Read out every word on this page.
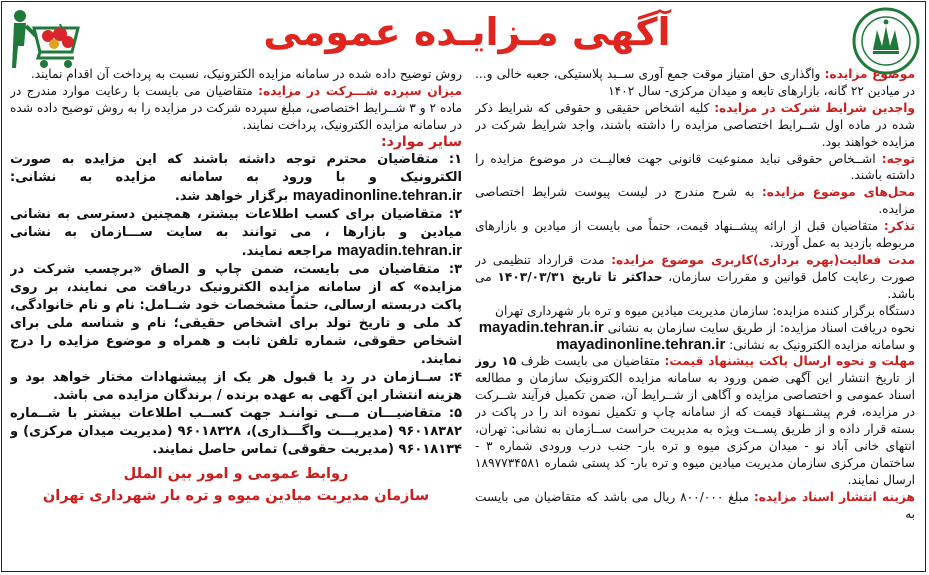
آگهی مـزایـده عمومی

موضوع مزایده: واگذاری حق امتیاز موقت جمع آوری ســبد پلاستیکی، جعبه خالی و... در میادین ۲۲ گانه، بازارهای تابعه و میدان مرکزی- سال ۱۴۰۲

واجدین شرایط شرکت در مزایده: کلیه اشخاص حقیقی و حقوقی که شرایط ذکر شده در ماده اول شــرایط اختصاصی مزایده را داشته باشند، واجد شرایط شرکت در مزایده خواهند بود.

توجه: اشــخاص حقوقی نباید ممنوعیت قانونی جهت فعالیــت در موضوع مزایده را داشته باشند.

محل‌های موضوع مزایده: به شرح مندرج در لیست پیوست شرایط اختصاصی مزایده.

تذکر: متقاضیان قبل از ارائه پیشــنهاد قیمت، حتماً می بایست از میادین و بازارهای مربوطه بازدید به عمل آورند.

مدت فعالیت(بهره برداری)کاربری موضوع مزایده: مدت قرارداد تنظیمی در صورت رعایت کامل قوانین و مقررات سازمان، حداکثر تا تاریخ ۱۴۰۳/۰۳/۳۱ می باشد.

دستگاه برگزار کننده مزایده: سازمان مدیریت میادین میوه و تره بار شهرداری تهران

نحوه دریافت اسناد مزایده: از طریق سایت سازمان به نشانی mayadin.tehran.ir

و سامانه مزایده الکترونیک به نشانی: mayadinonline.tehran.ir

مهلت و نحوه ارسال پاکت پیشنهاد قیمت: متقاضیان می بایست ظرف ۱۵ روز از تاریخ انتشار این آگهی ضمن ورود به سامانه مزایده الکترونیک سازمان و مطالعه اسناد عمومی و اختصاصی مزایده و آگاهی از شــرایط آن، ضمن تکمیل فرآیند شــرکت در مزایده، فرم پیشــنهاد قیمت که از سامانه چاپ و تکمیل نموده اند را در پاکت در بسته قرار داده و از طریق پســت ویژه به مدیریت حراست ســازمان به نشانی: تهران، انتهای خانی آباد نو - میدان مرکزی میوه و تره بار- جنب درب ورودی شماره ۳ - ساختمان مرکزی سازمان مدیریت میادین میوه و تره بار- کد پستی شماره ۱۸۹۷۷۳۴۵۸۱ ارسال نمایند.

هزینه انتشار اسناد مزایده: مبلغ ۸۰۰/۰۰۰ ریال می باشد که متقاضیان می بایست به

روش توضیح داده شده در سامانه مزایده الکترونیک، نسبت به پرداخت آن اقدام نمایند.

میزان سپرده شـــرکت در مزایده: متقاضیان می بایست با رعایت موارد مندرج در ماده ۲ و ۳ شــرایط اختصاصی، مبلغ سپرده شرکت در مزایده را به روش توضیح داده شده در سامانه مزایده الکترونیک، پرداخت نمایند.

سایر موارد:

۱: متقاضیان محترم توجه داشته باشند که این مزایده به صورت الکترونیک و با ورود به سامانه مزایده به نشانی: mayadinonline.tehran.ir برگزار خواهد شد.

۲: متقاضیان برای کسب اطلاعات بیشتر، همچنین دسترسی به نشانی میادین و بازارها ، می توانند به سایت ســـازمان به نشانی mayadin.tehran.ir مراجعه نمایند.

۳: متقاضیان می بایست، ضمن چاپ و الصاق «برچسب شرکت در مزایده» که از سامانه مزایده الکترونیک دریافت می نمایند، بر روی پاکت دربسته ارسالی، حتماً مشخصات خود شــامل: نام و نام خانوادگی، کد ملی و تاریخ تولد برای اشخاص حقیقی؛ نام و شناسه ملی برای اشخاص حقوقی، شماره تلفن ثابت و همراه و موضوع مزایده را درج نمایند.

۴: ســازمان در رد یا قبول هر یک از پیشنهادات مختار خواهد بود و هزینه انتشار این آگهی به عهده برنده / برندگان مزایده می باشد.

۵: متقاضیـــان مـــی تواننـد جهت کســب اطلاعات بیشتر با شــماره ۹۶۰۱۸۳۸۲ (مدیریـــت واگـــذاری)، ۹۶۰۱۸۳۲۸ (مدیریت میدان مرکزی) و ۹۶۰۱۸۱۳۴ (مدیریت حقوقی) تماس حاصل نمایند.

روابط عمومی و امور بین الملل
سازمان مدیریت میادین میوه و تره بار شهرداری تهران
